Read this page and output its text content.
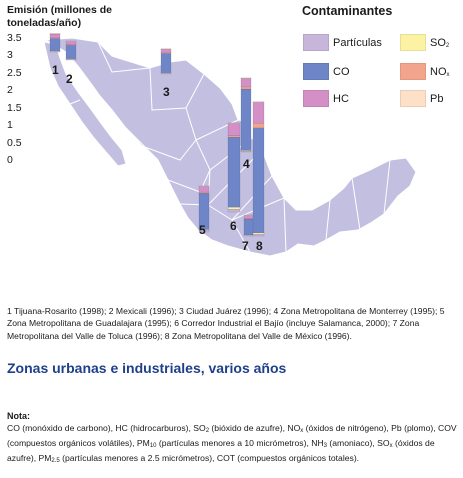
1
2
3
4
5 6
7 8
Emisión (millones de toneladas/año)
3.5
3
2.5
2
1.5
1
0.5
0
Contaminantes
Partículas	$SO_2$
CO	$NO_x$
HC	Pb
1 Tijuana-Rosarito (1998); 2 Mexicali (1996); 3 Ciudad Juárez (1996); 4 Zona Metropolitana de Monterrey (1995); 5 Zona Metropolitana de Guadalajara (1995); 6 Corredor Industrial el Bajío (incluye Salamanca, 2000); 7 Zona Metropolitana del Valle de Toluca (1996); 8 Zona Metropolitana del Valle de México (1996).
Zonas urbanas e industriales, varios años
Nota:
CO (monóxido de carbono), HC (hidrocarburos), $SO_2$ (bióxido de azufre), $NO_x$ (óxidos de nitrógeno), Pb (plomo), COV (compuestos orgánicos volátiles), $PM_{10}$ (partículas menores a 10 micrómetros), $NH_3$ (amoniaco), $SO_x$ (óxidos de azufre), $PM_{2.5}$ (partículas menores a 2.5 micrómetros), COT (compuestos orgánicos totales).
